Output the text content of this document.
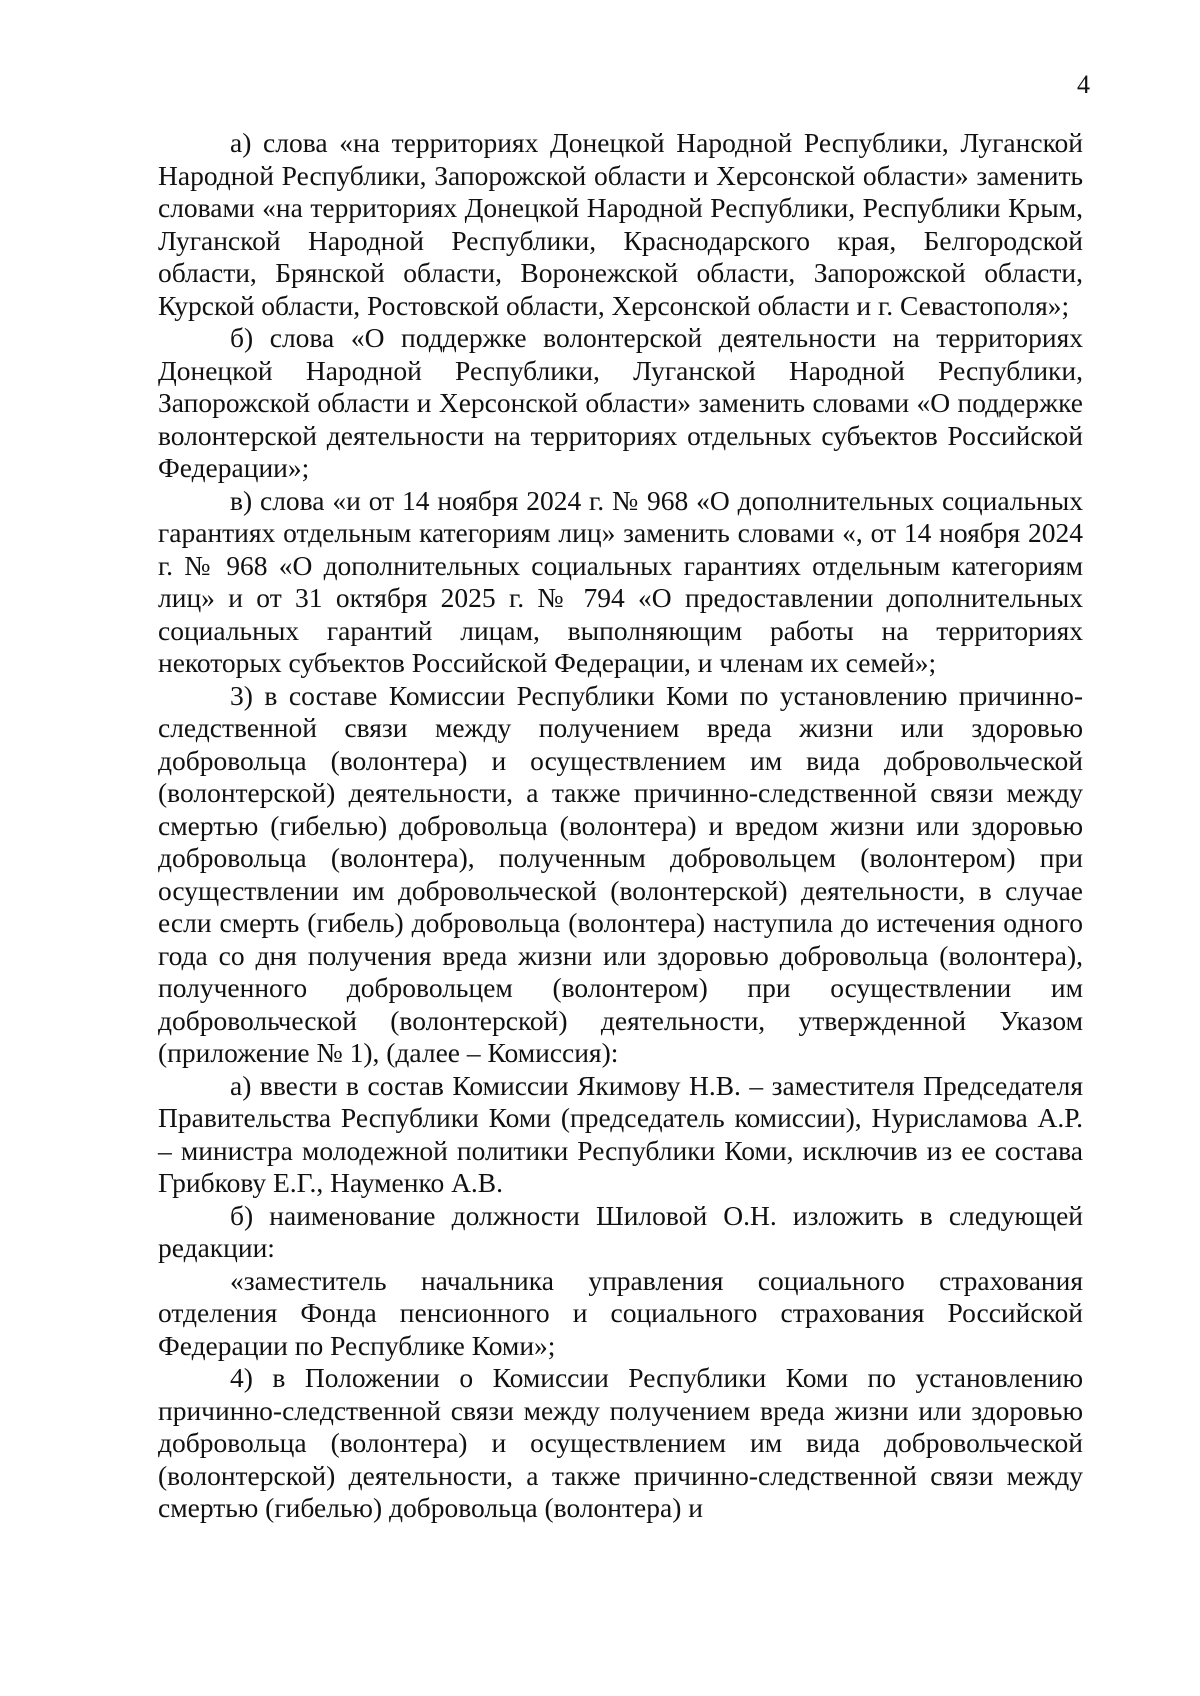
4

а) слова «на территориях Донецкой Народной Республики, Луганской Народной Республики, Запорожской области и Херсонской области» заменить словами «на территориях Донецкой Народной Республики, Республики Крым, Луганской Народной Республики, Краснодарского края, Белгородской области, Брянской области, Воронежской области, Запорожской области, Курской области, Ростовской области, Херсонской области и г. Севастополя»;

б) слова «О поддержке волонтерской деятельности на территориях Донецкой Народной Республики, Луганской Народной Республики, Запорожской области и Херсонской области» заменить словами «О поддержке волонтерской деятельности на территориях отдельных субъектов Российской Федерации»;

в) слова «и от 14 ноября 2024 г. № 968 «О дополнительных социальных гарантиях отдельным категориям лиц» заменить словами «, от 14 ноября 2024 г. № 968 «О дополнительных социальных гарантиях отдельным категориям лиц» и от 31 октября 2025 г. № 794 «О предоставлении дополнительных социальных гарантий лицам, выполняющим работы на территориях некоторых субъектов Российской Федерации, и членам их семей»;

3) в составе Комиссии Республики Коми по установлению причинно-следственной связи между получением вреда жизни или здоровью добровольца (волонтера) и осуществлением им вида добровольческой (волонтерской) деятельности, а также причинно-следственной связи между смертью (гибелью) добровольца (волонтера) и вредом жизни или здоровью добровольца (волонтера), полученным добровольцем (волонтером) при осуществлении им добровольческой (волонтерской) деятельности, в случае если смерть (гибель) добровольца (волонтера) наступила до истечения одного года со дня получения вреда жизни или здоровью добровольца (волонтера), полученного добровольцем (волонтером) при осуществлении им добровольческой (волонтерской) деятельности, утвержденной Указом (приложение № 1), (далее – Комиссия):

а) ввести в состав Комиссии Якимову Н.В. – заместителя Председателя Правительства Республики Коми (председатель комиссии), Нурисламова А.Р. – министра молодежной политики Республики Коми, исключив из ее состава Грибкову Е.Г., Науменко А.В.

б) наименование должности Шиловой О.Н. изложить в следующей редакции:

«заместитель начальника управления социального страхования отделения Фонда пенсионного и социального страхования Российской Федерации по Республике Коми»;

4) в Положении о Комиссии Республики Коми по установлению причинно-следственной связи между получением вреда жизни или здоровью добровольца (волонтера) и осуществлением им вида добровольческой (волонтерской) деятельности, а также причинно-следственной связи между смертью (гибелью) добровольца (волонтера) и
